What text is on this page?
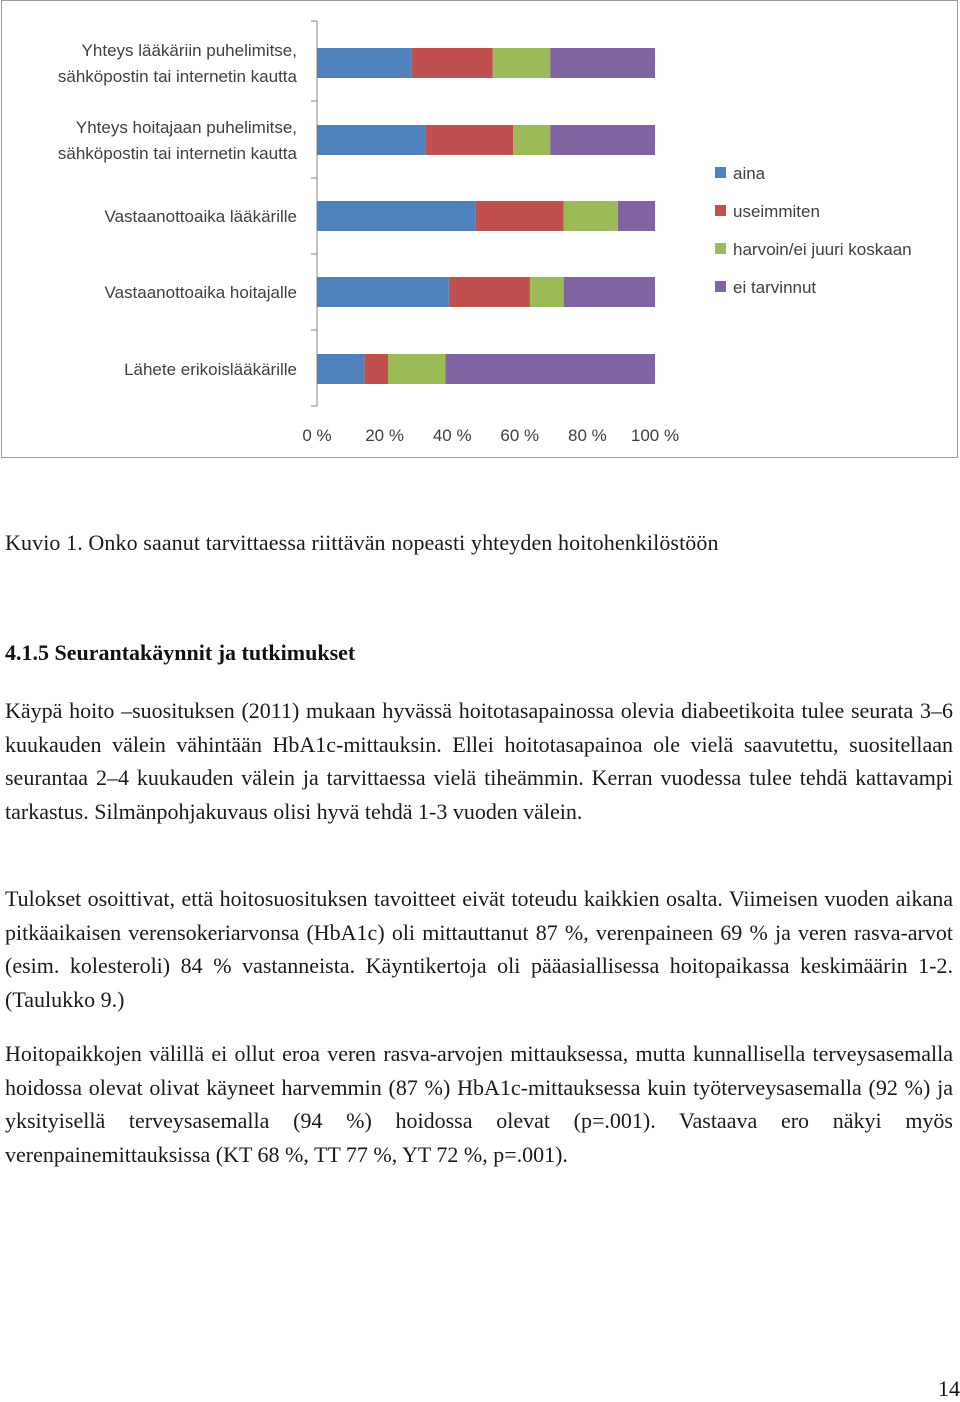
Yhteys lääkäriin puhelimitse, sähköpostin tai internetin kautta
Yhteys hoitajaan puhelimitse, sähköpostin tai internetin kautta
Vastaanottoaika lääkärille
Vastaanottoaika hoitajalle
Lähete erikoislääkärille
0 % 20 % 40 % 60 % 80 % 100 %
aina
useimmiten
harvoin/ei juuri koskaan
ei tarvinnut
Kuvio 1. Onko saanut tarvittaessa riittävän nopeasti yhteyden hoitohenkilöstöön
4.1.5 Seurantakäynnit ja tutkimukset

Käypä hoito –suosituksen (2011) mukaan hyvässä hoitotasapainossa olevia diabeetikoita tulee seurata 3–6 kuukauden välein vähintään HbA1c-mittauksin. Ellei hoitotasapainoa ole vielä saavutettu, suositellaan seurantaa 2–4 kuukauden välein ja tarvittaessa vielä tiheämmin. Kerran vuodessa tulee tehdä kattavampi tarkastus. Silmänpohjakuvaus olisi hyvä tehdä 1-3 vuoden välein.

Tulokset osoittivat, että hoitosuosituksen tavoitteet eivät toteudu kaikkien osalta. Viimeisen vuoden aikana pitkäaikaisen verensokeriarvonsa (HbA1c) oli mittauttanut 87 %, verenpaineen 69 % ja veren rasva-arvot (esim. kolesteroli) 84 % vastanneista. Käyntikertoja oli pääasiallisessa hoitopaikassa keskimäärin 1-2. (Taulukko 9.)

Hoitopaikkojen välillä ei ollut eroa veren rasva-arvojen mittauksessa, mutta kunnallisella terveysasemalla hoidossa olevat olivat käyneet harvemmin (87 %) HbA1c-mittauksessa kuin työterveysasemalla (92 %) ja yksityisellä terveysasemalla (94 %) hoidossa olevat (p=.001). Vastaava ero näkyi myös verenpainemittauksissa (KT 68 %, TT 77 %, YT 72 %, p=.001).

14
